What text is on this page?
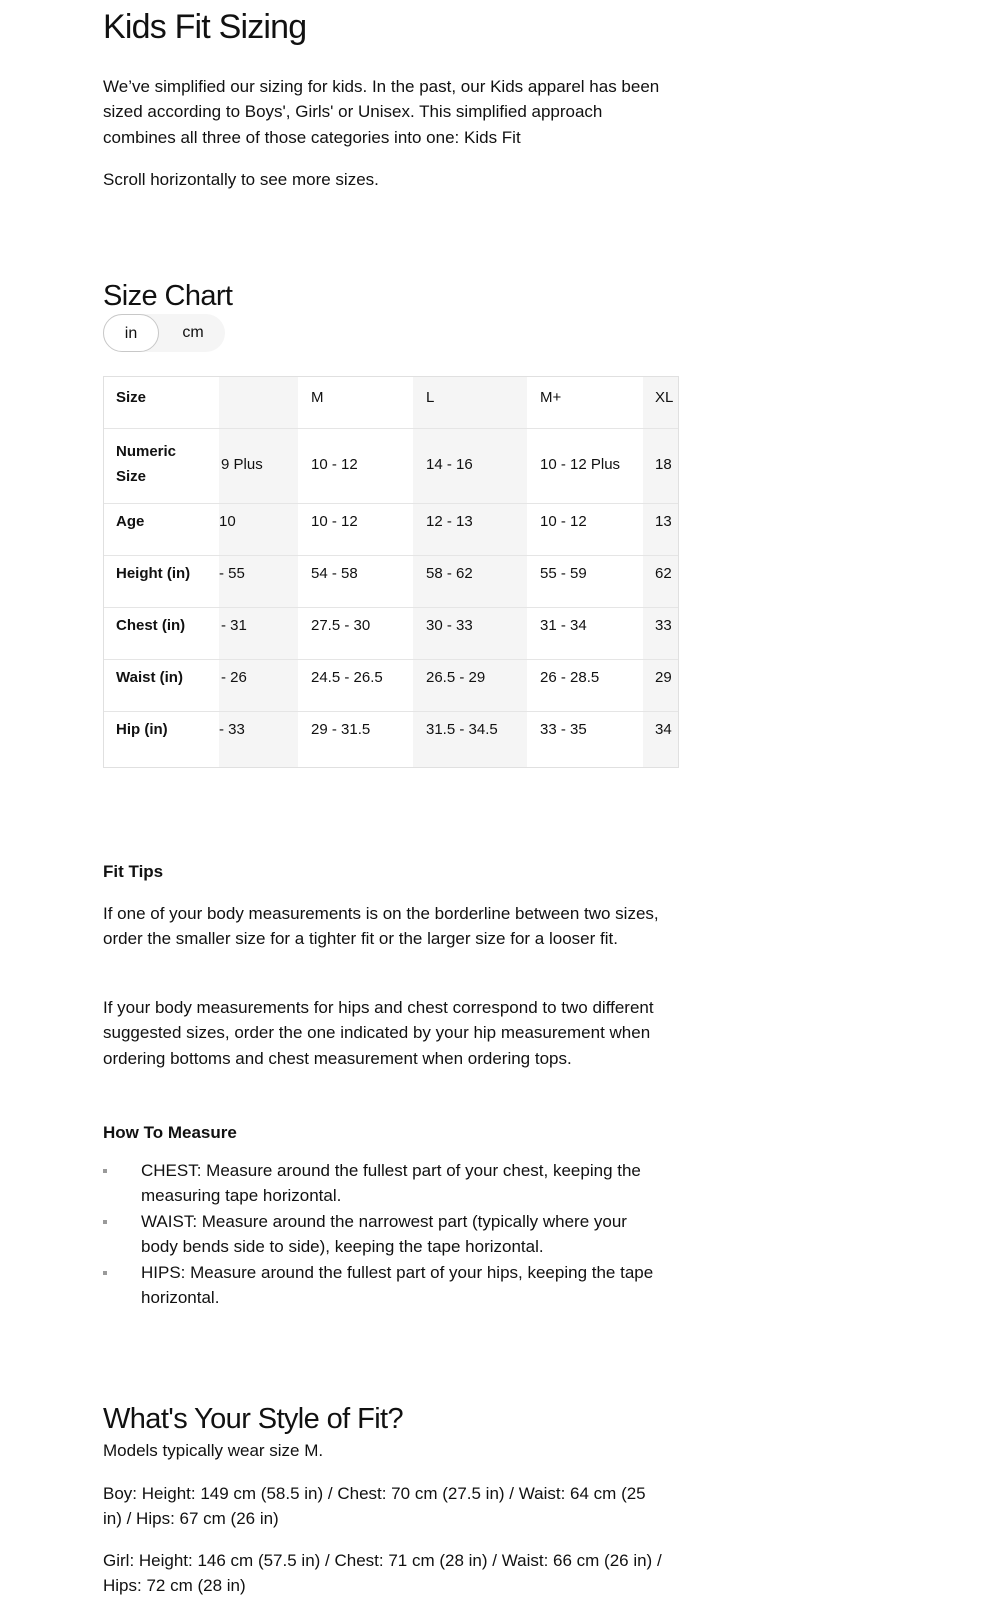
Kids Fit Sizing

We’ve simplified our sizing for kids. In the past, our Kids apparel has been sized according to Boys', Girls' or Unisex. This simplified approach combines all three of those categories into one: Kids Fit

Scroll horizontally to see more sizes.

Size Chart
in	cm
9 Plus
10
- 55
- 31
- 26
- 33
M
10 - 12
10 - 12
54 - 58
27.5 - 30
24.5 - 26.5
29 - 31.5
L
14 - 16
12 - 13
58 - 62
30 - 33
26.5 - 29
31.5 - 34.5
M+
10 - 12 Plus
10 - 12
55 - 59
31 - 34
26 - 28.5
33 - 35
XL
18
13
62
33
29
34
Size
Numeric Size
Age
Height (in)
Chest (in)
Waist (in)
Hip (in)

Fit Tips

If one of your body measurements is on the borderline between two sizes, order the smaller size for a tighter fit or the larger size for a looser fit.

If your body measurements for hips and chest correspond to two different suggested sizes, order the one indicated by your hip measurement when ordering bottoms and chest measurement when ordering tops.

How To Measure

CHEST: Measure around the fullest part of your chest, keeping the measuring tape horizontal.
WAIST: Measure around the narrowest part (typically where your body bends side to side), keeping the tape horizontal.
HIPS: Measure around the fullest part of your hips, keeping the tape horizontal.
What's Your Style of Fit?

Models typically wear size M.

Boy: Height: 149 cm (58.5 in) / Chest: 70 cm (27.5 in) / Waist: 64 cm (25 in) / Hips: 67 cm (26 in)

Girl: Height: 146 cm (57.5 in) / Chest: 71 cm (28 in) / Waist: 66 cm (26 in) / Hips: 72 cm (28 in)
